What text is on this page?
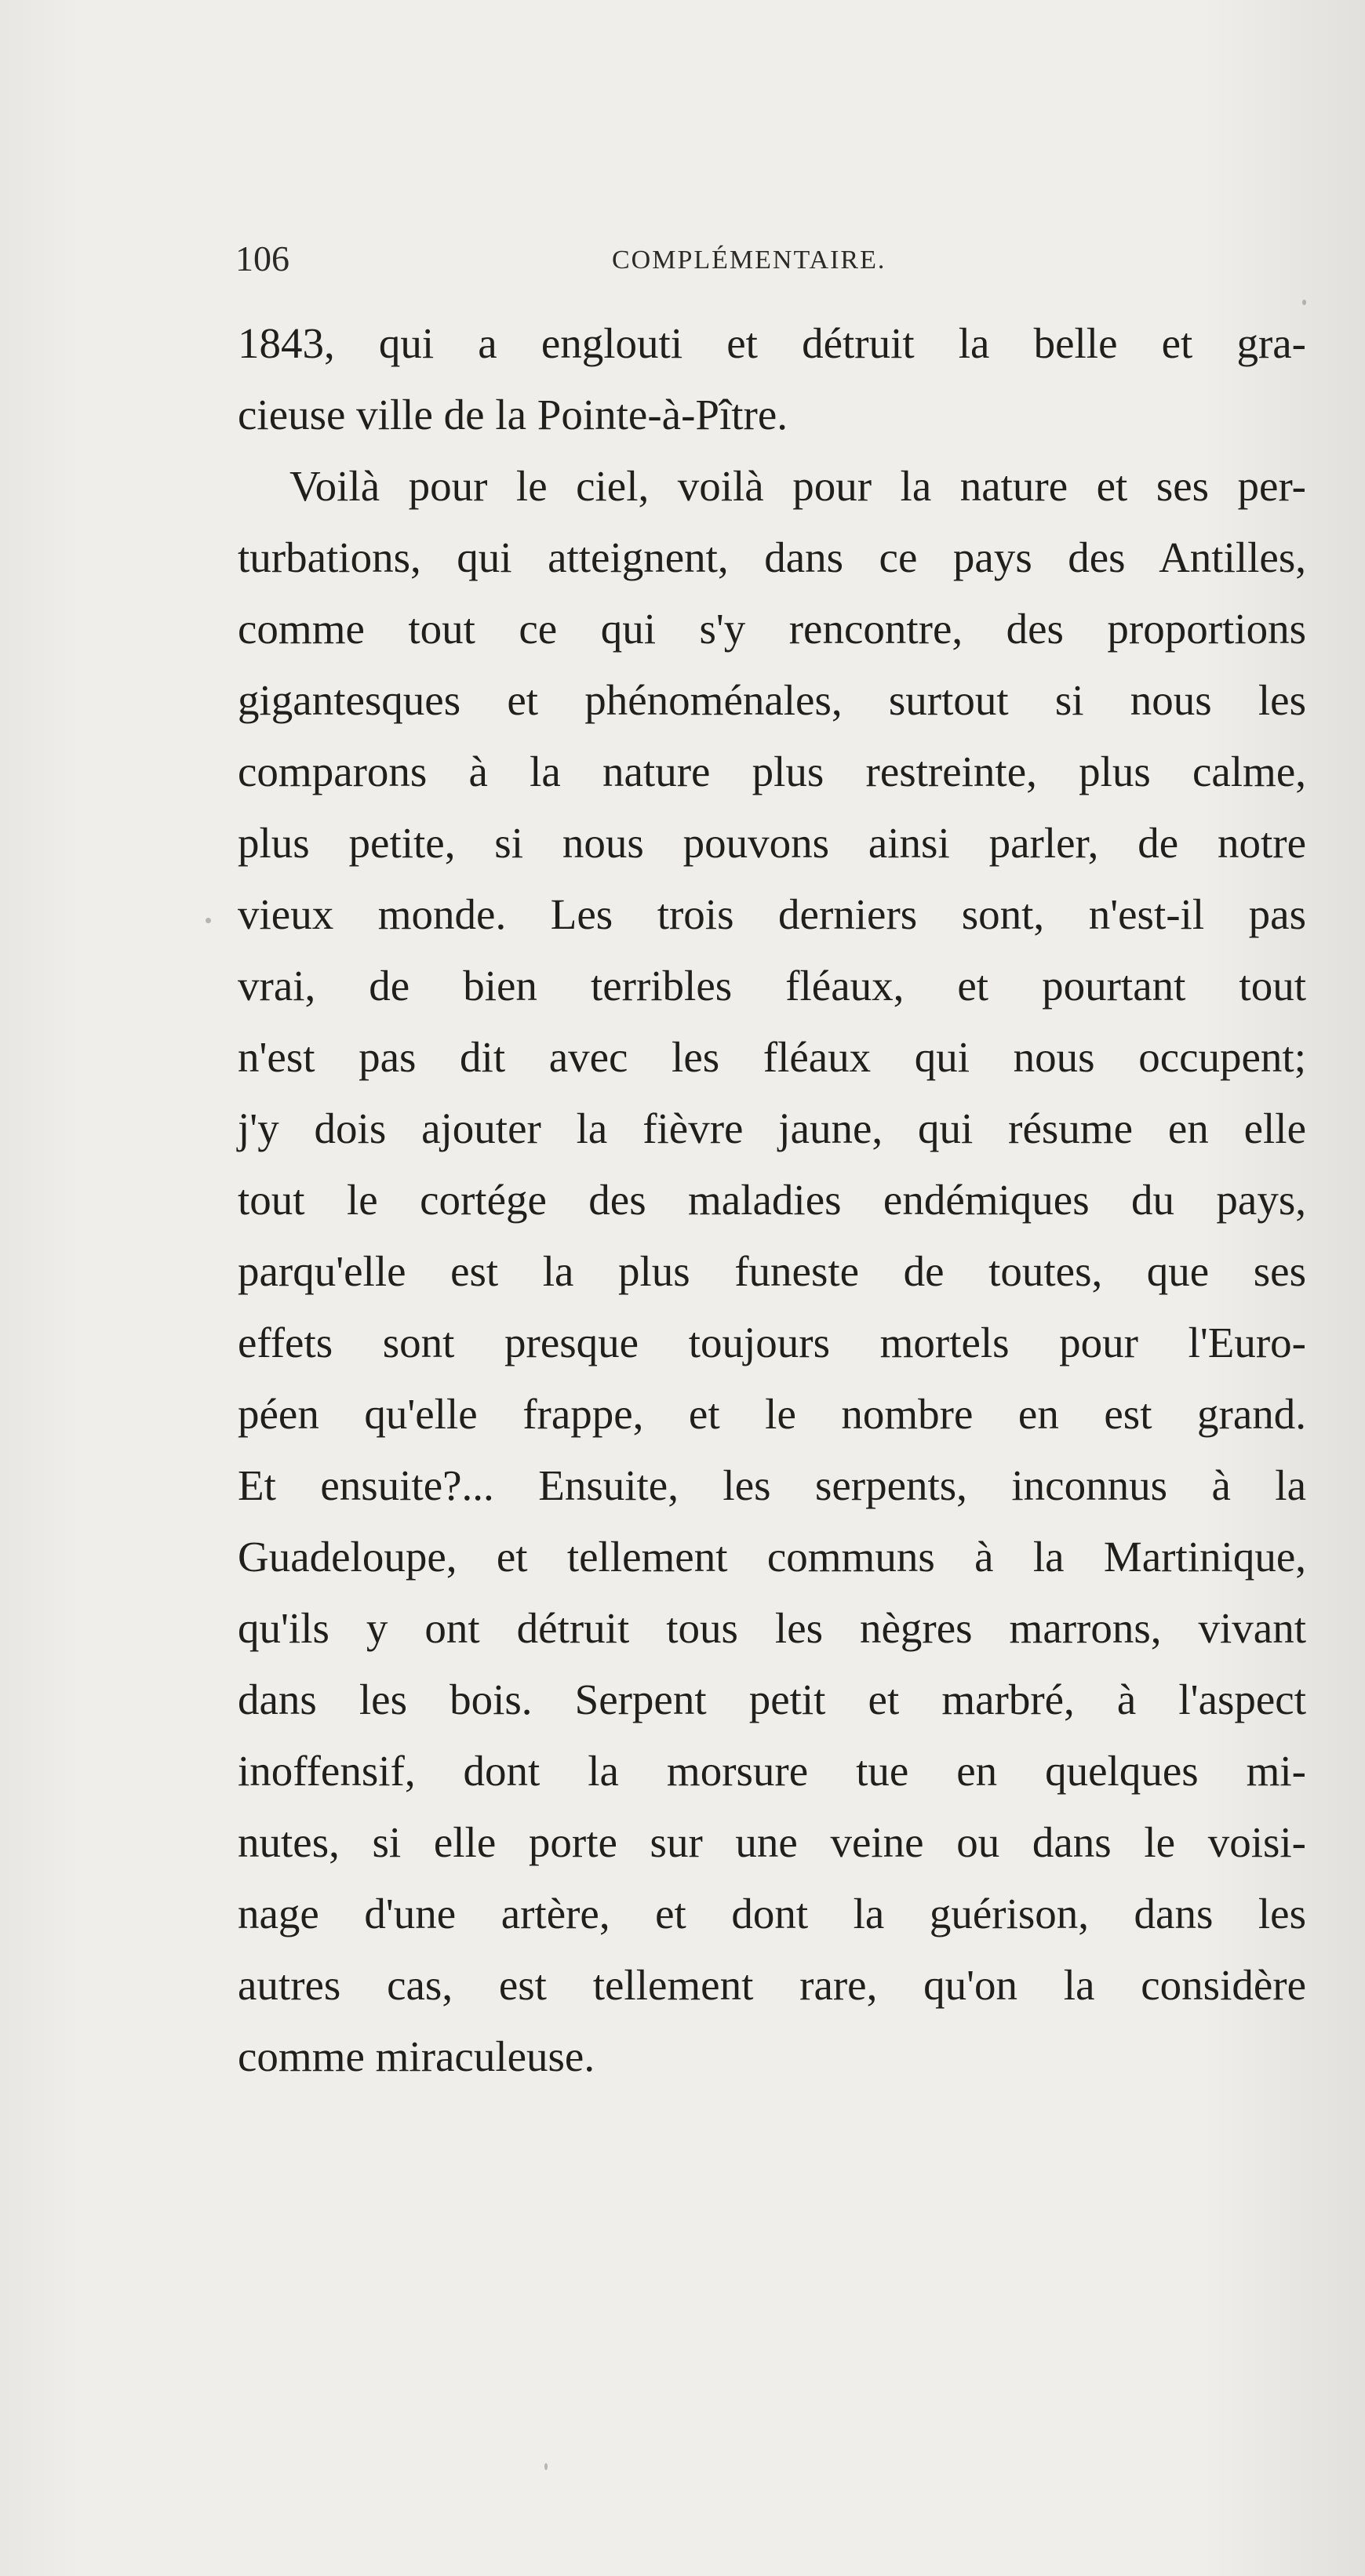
106	COMPLÉMENTAIRE.
1843, qui a englouti et détruit la belle et gra-
cieuse ville de la Pointe-à-Pître.
Voilà pour le ciel, voilà pour la nature et ses per-
turbations, qui atteignent, dans ce pays des Antilles,
comme tout ce qui s'y rencontre, des proportions
gigantesques et phénoménales, surtout si nous les
comparons à la nature plus restreinte, plus calme,
plus petite, si nous pouvons ainsi parler, de notre
vieux monde. Les trois derniers sont, n'est-il pas
vrai, de bien terribles fléaux, et pourtant tout
n'est pas dit avec les fléaux qui nous occupent;
j'y dois ajouter la fièvre jaune, qui résume en elle
tout le cortége des maladies endémiques du pays,
parqu'elle est la plus funeste de toutes, que ses
effets sont presque toujours mortels pour l'Euro-
péen qu'elle frappe, et le nombre en est grand.
Et ensuite?... Ensuite, les serpents, inconnus à la
Guadeloupe, et tellement communs à la Martinique,
qu'ils y ont détruit tous les nègres marrons, vivant
dans les bois. Serpent petit et marbré, à l'aspect
inoffensif, dont la morsure tue en quelques mi-
nutes, si elle porte sur une veine ou dans le voisi-
nage d'une artère, et dont la guérison, dans les
autres cas, est tellement rare, qu'on la considère
comme miraculeuse.
